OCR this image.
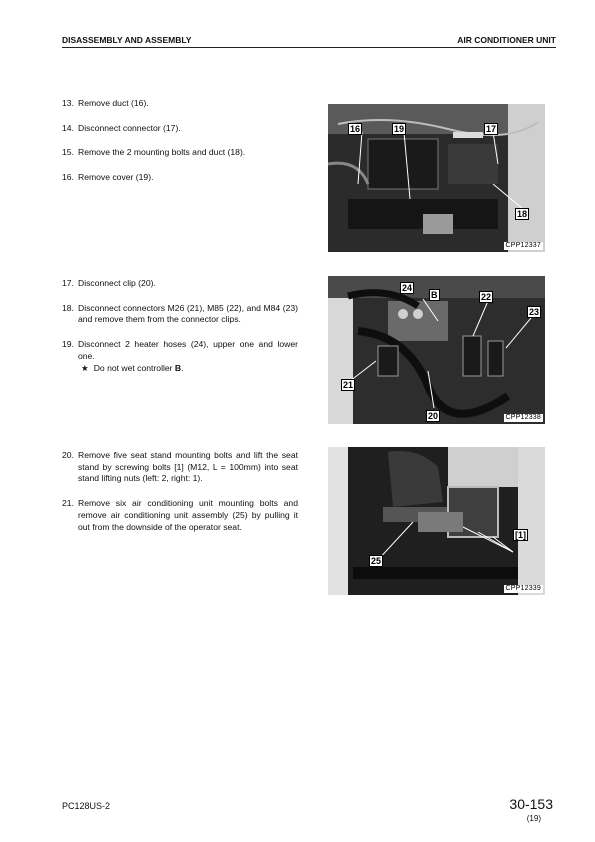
DISASSEMBLY AND ASSEMBLY	AIR CONDITIONER UNIT
13. Remove duct (16).
14. Disconnect connector (17).
15. Remove the 2 mounting bolts and duct (18).
16. Remove cover (19).
16	19	17
18
CPP12337
17. Disconnect clip (20).
18. Disconnect connectors M26 (21), M85 (22), and M84 (23) and remove them from the connector clips.
19. Disconnect 2 heater hoses (24), upper one and lower one.
★ Do not wet controller B.
24
B	22
23
21
20	CPP12338
20. Remove five seat stand mounting bolts and lift the seat stand by screwing bolts [1] (M12, L = 100mm) into seat stand lifting nuts (left: 2, right: 1).
21. Remove six air conditioning unit mounting bolts and remove air conditioning unit assembly (25) by pulling it out from the downside of the operator seat.
25
[1]
CPP12339
PC128US-2	30-153
(19)
